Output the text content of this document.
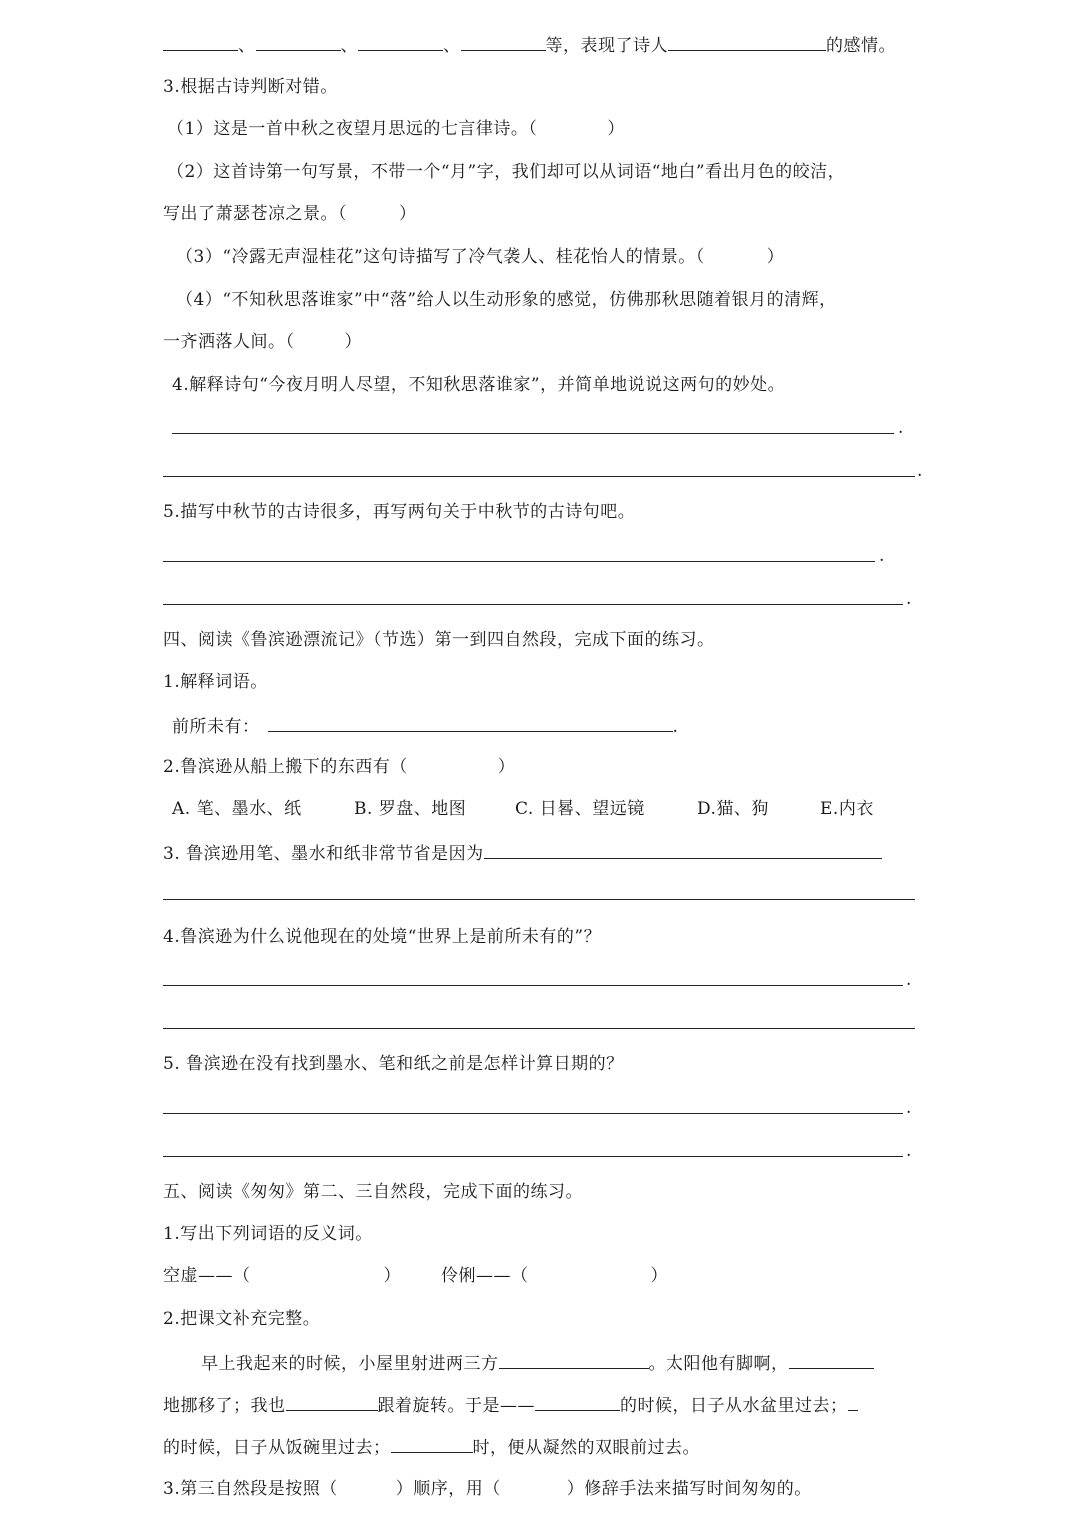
、	、	、	等，表现了诗人	的感情。
3.根据古诗判断对错。
（1）这是一首中秋之夜望月思远的七言律诗。（	）
（2）这首诗第一句写景，不带一个“月”字，我们却可以从词语“地白”看出月色的皎洁，
写出了萧瑟苍凉之景。（	）
（3）“冷露无声湿桂花”这句诗描写了冷气袭人、桂花怡人的情景。（	）
（4）“不知秋思落谁家”中“落”给人以生动形象的感觉，仿佛那秋思随着银月的清辉，
一齐洒落人间。（	）
4.解释诗句“今夜月明人尽望，不知秋思落谁家”，并简单地说说这两句的妙处。
.
.
5.描写中秋节的古诗很多，再写两句关于中秋节的古诗句吧。
.
.
四、阅读《鲁滨逊漂流记》（节选）第一到四自然段，完成下面的练习。
1.解释词语。
前所未有：	.
2.鲁滨逊从船上搬下的东西有（	）
A. 笔、墨水、纸	B. 罗盘、地图	C. 日晷、望远镜	D.猫、狗	E.内衣
3. 鲁滨逊用笔、墨水和纸非常节省是因为
4.鲁滨逊为什么说他现在的处境“世界上是前所未有的”？
.
5. 鲁滨逊在没有找到墨水、笔和纸之前是怎样计算日期的？
.
.
五、阅读《匆匆》第二、三自然段，完成下面的练习。
1.写出下列词语的反义词。
空虚——（	） 伶俐——（	）
2.把课文补充完整。
早上我起来的时候，小屋里射进两三方	。太阳他有脚啊，
地挪移了；我也	跟着旋转。于是——	的时候，日子从水盆里过去；
的时候，日子从饭碗里过去；	时，便从凝然的双眼前过去。
3.第三自然段是按照（	）顺序，用（	）修辞手法来描写时间匆匆的。
